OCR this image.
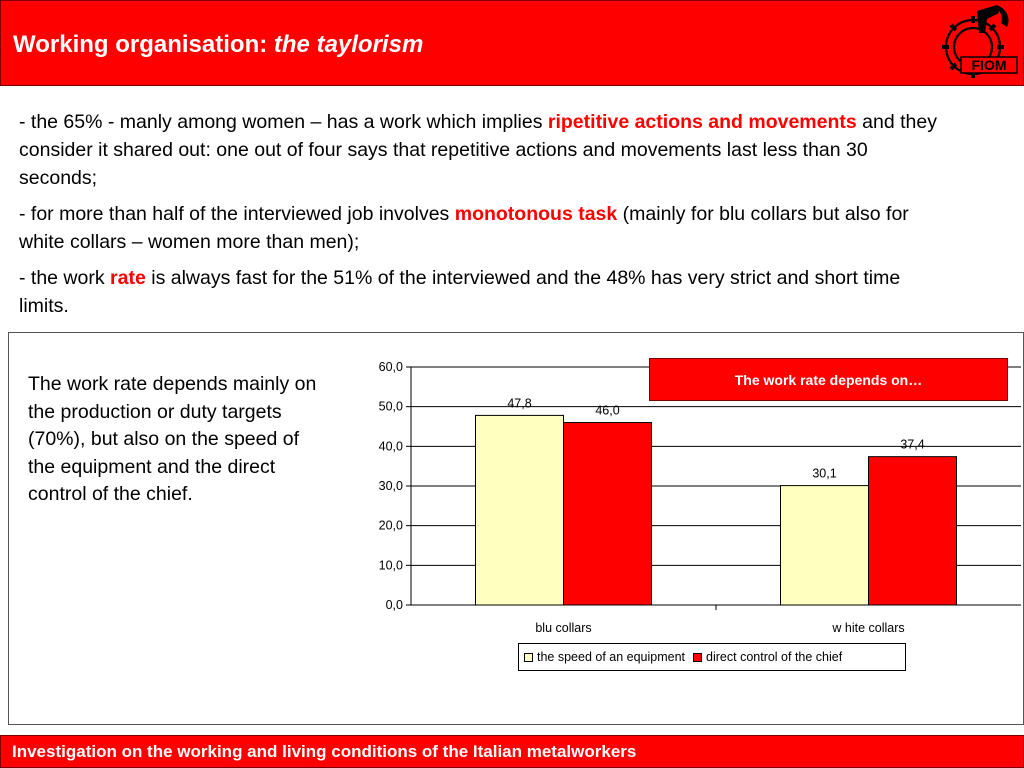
Working organisation: the taylorism
FIOM

- the 65% - manly among women – has a work which implies ripetitive actions and movements and they consider it shared out: one out of four says that repetitive actions and movements last less than 30 seconds;

- for more than half of the interviewed job involves monotonous task (mainly for blu collars but also for white collars – women more than men);

- the work rate is always fast for the 51% of the interviewed and the 48% has very strict and short time limits.

The work rate depends mainly on the production or duty targets (70%), but also on the speed of the equipment and the direct control of the chief.
0,0
10,0
20,0
30,0
40,0
50,0
60,0
47,8
46,0
blu collars
30,1
37,4
w hite collars
The work rate depends on…
the speed of an equipment direct control of the chief
Investigation on the working and living conditions of the Italian metalworkers
